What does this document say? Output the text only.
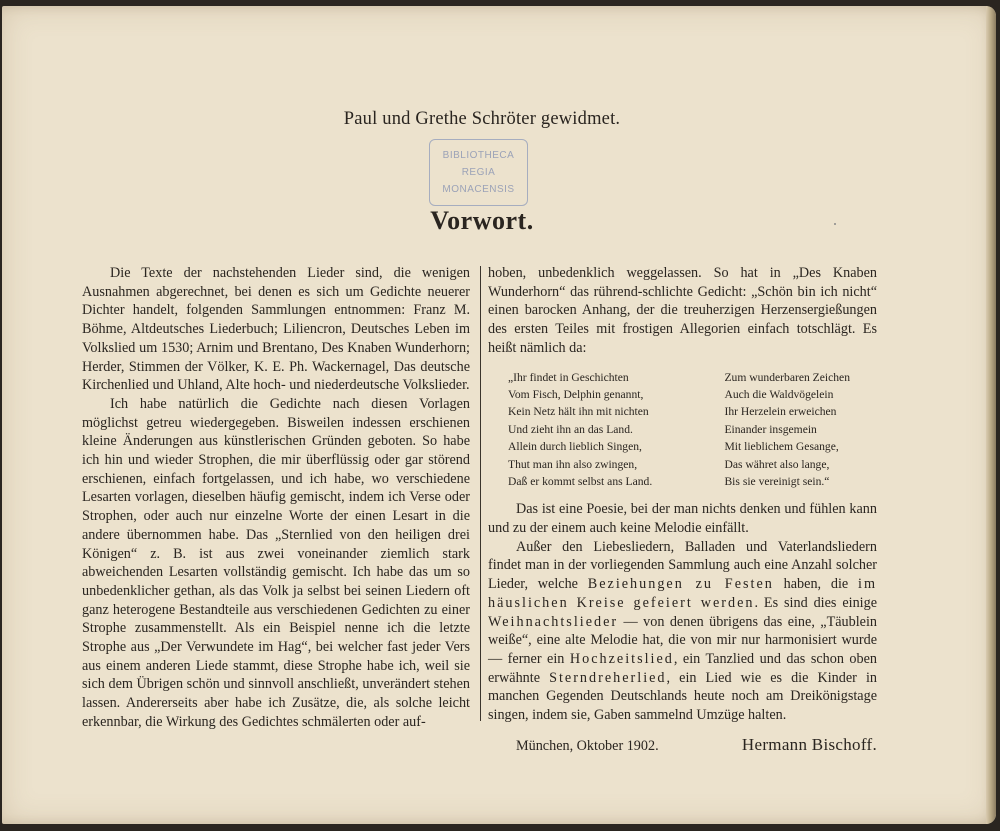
Paul und Grethe Schröter gewidmet.
BIBLIOTHECA
REGIA
MONACENSIS
Vorwort.

Die Texte der nachstehenden Lieder sind, die wenigen Ausnahmen abgerechnet, bei denen es sich um Gedichte neuerer Dichter handelt, folgenden Sammlungen entnommen: Franz M. Böhme, Altdeutsches Liederbuch; Liliencron, Deutsches Leben im Volkslied um 1530; Arnim und Brentano, Des Knaben Wunderhorn; Herder, Stimmen der Völker, K. E. Ph. Wackernagel, Das deutsche Kirchenlied und Uhland, Alte hoch- und niederdeutsche Volkslieder.

Ich habe natürlich die Gedichte nach diesen Vorlagen möglichst getreu wiedergegeben. Bisweilen indessen erschienen kleine Änderungen aus künstlerischen Gründen geboten. So habe ich hin und wieder Strophen, die mir überflüssig oder gar störend erschienen, einfach fortgelassen, und ich habe, wo verschiedene Lesarten vorlagen, dieselben häufig gemischt, indem ich Verse oder Strophen, oder auch nur einzelne Worte der einen Lesart in die andere übernommen habe. Das „Sternlied von den heiligen drei Königen“ z. B. ist aus zwei voneinander ziemlich stark abweichenden Lesarten vollständig gemischt. Ich habe das um so unbedenklicher gethan, als das Volk ja selbst bei seinen Liedern oft ganz heterogene Bestandteile aus verschiedenen Gedichten zu einer Strophe zusammenstellt. Als ein Beispiel nenne ich die letzte Strophe aus „Der Verwundete im Hag“, bei welcher fast jeder Vers aus einem anderen Liede stammt, diese Strophe habe ich, weil sie sich dem Übrigen schön und sinnvoll anschließt, unverändert stehen lassen. Andererseits aber habe ich Zusätze, die, als solche leicht erkennbar, die Wirkung des Gedichtes schmälerten oder auf-

hoben, unbedenklich weggelassen. So hat in „Des Knaben Wunderhorn“ das rührend-schlichte Gedicht: „Schön bin ich nicht“ einen barocken Anhang, der die treuherzigen Herzensergießungen des ersten Teiles mit frostigen Allegorien einfach totschlägt. Es heißt nämlich da:

„Ihr findet in Geschichten
Vom Fisch, Delphin genannt,
Kein Netz hält ihn mit nichten
Und zieht ihn an das Land.
Allein durch lieblich Singen,
Thut man ihn also zwingen,
Daß er kommt selbst ans Land.
Zum wunderbaren Zeichen
Auch die Waldvögelein
Ihr Herzelein erweichen
Einander insgemein
Mit lieblichem Gesange,
Das währet also lange,
Bis sie vereinigt sein.“

Das ist eine Poesie, bei der man nichts denken und fühlen kann und zu der einem auch keine Melodie einfällt.

Außer den Liebesliedern, Balladen und Vaterlandsliedern findet man in der vorliegenden Sammlung auch eine Anzahl solcher Lieder, welche Beziehungen zu Festen haben, die im häuslichen Kreise gefeiert werden. Es sind dies einige Weihnachtslieder — von denen übrigens das eine, „Täublein weiße“, eine alte Melodie hat, die von mir nur harmonisiert wurde — ferner ein Hochzeitslied, ein Tanzlied und das schon oben erwähnte Sterndreherlied, ein Lied wie es die Kinder in manchen Gegenden Deutschlands heute noch am Dreikönigstage singen, indem sie, Gaben sammelnd Umzüge halten.

München, Oktober 1902.	Hermann Bischoff.
